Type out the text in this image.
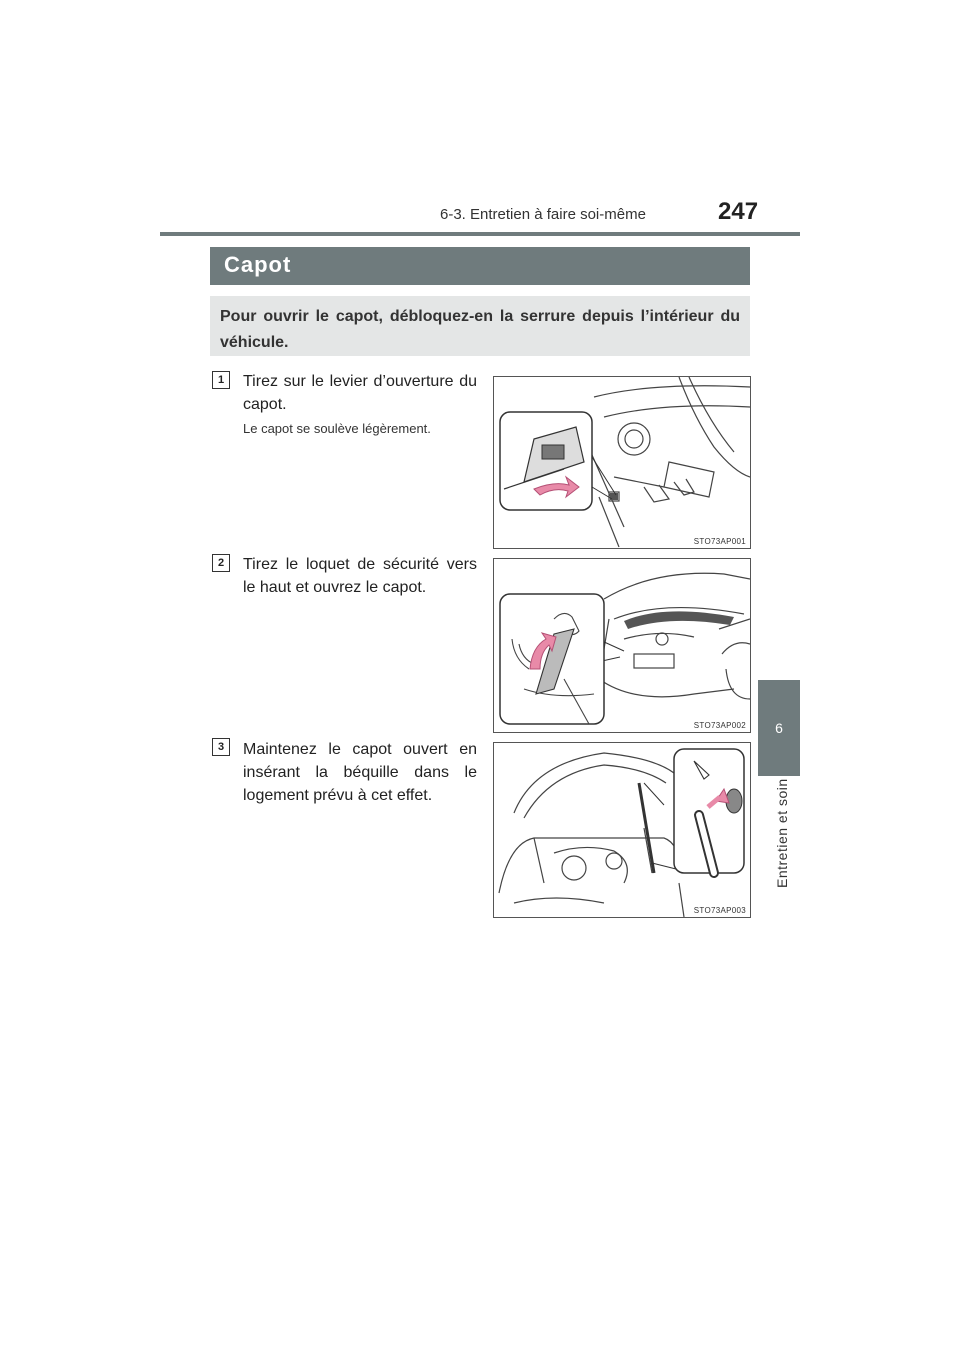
6-3. Entretien à faire soi-même	247
6
Entretien et soin
Capot

Pour ouvrir le capot, débloquez-en la serrure depuis l’intérieur du véhicule.

1	Tirez sur le levier d’ouverture du capot.

Le capot se soulève légèrement.

STO73AP001
2	Tirez le loquet de sécurité vers le haut et ouvrez le capot.

STO73AP002
3	Maintenez le capot ouvert en insérant la béquille dans le logement prévu à cet effet.

STO73AP003
